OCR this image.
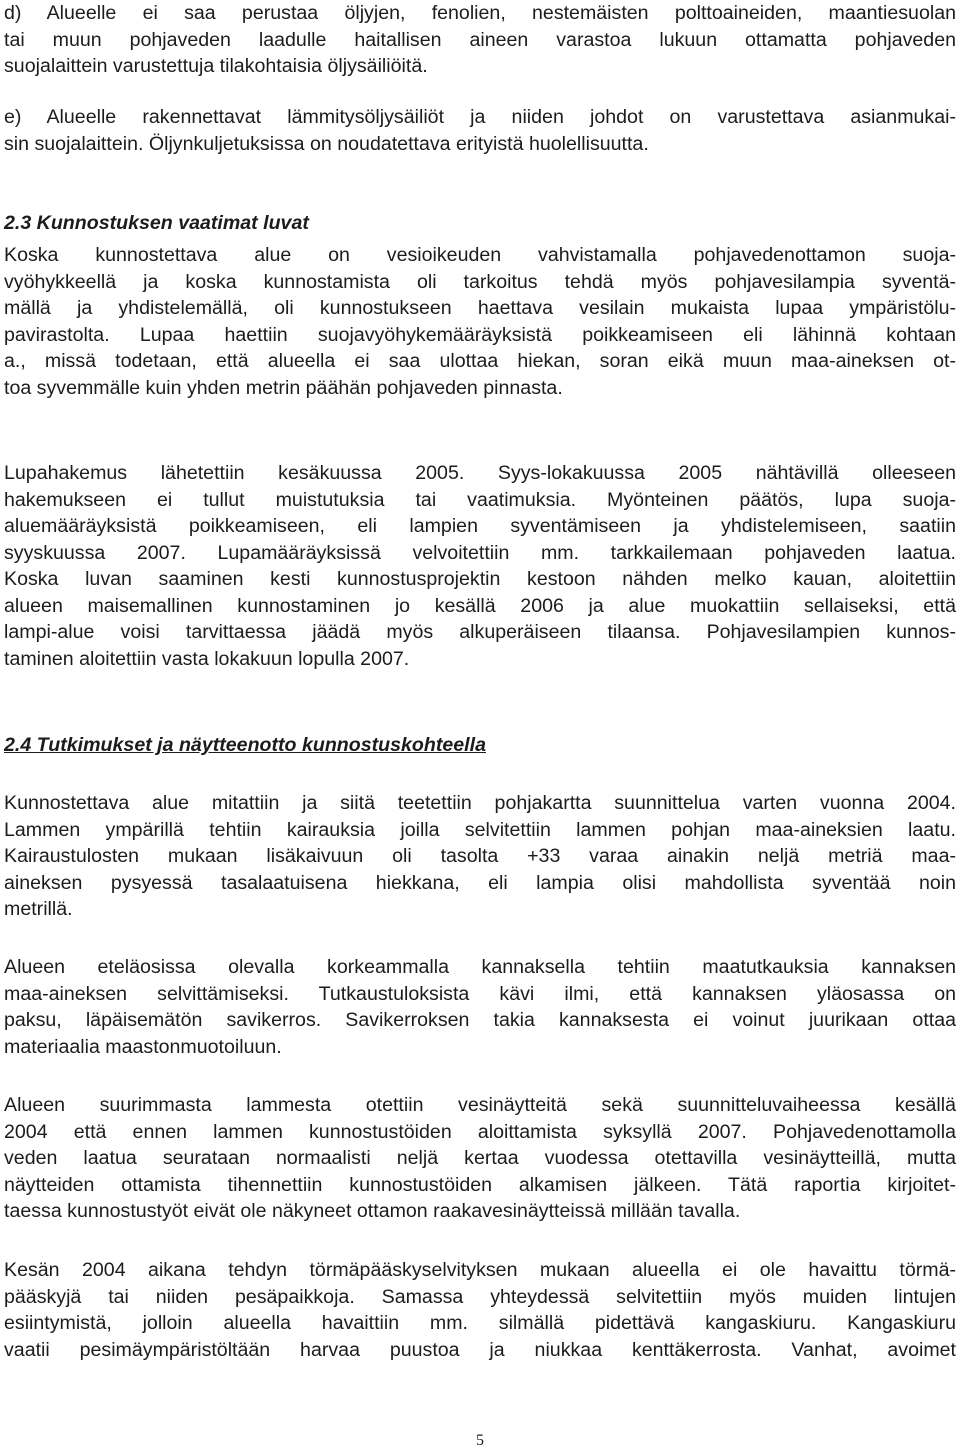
d) Alueelle ei saa perustaa öljyjen, fenolien, nestemäisten polttoaineiden, maantiesuolan
tai muun pohjaveden laadulle haitallisen aineen varastoa lukuun ottamatta pohjaveden
suojalaittein varustettuja tilakohtaisia öljysäiliöitä.
e) Alueelle rakennettavat lämmitysöljysäiliöt ja niiden johdot on varustettava asianmukai-
sin suojalaittein. Öljynkuljetuksissa on noudatettava erityistä huolellisuutta.
2.3 Kunnostuksen vaatimat luvat
Koska kunnostettava alue on vesioikeuden vahvistamalla pohjavedenottamon suoja-
vyöhykkeellä ja koska kunnostamista oli tarkoitus tehdä myös pohjavesilampia syventä-
mällä ja yhdistelemällä, oli kunnostukseen haettava vesilain mukaista lupaa ympäristölu-
pavirastolta. Lupaa haettiin suojavyöhykemääräyksistä poikkeamiseen eli lähinnä kohtaan
a., missä todetaan, että alueella ei saa ulottaa hiekan, soran eikä muun maa-aineksen ot-
toa syvemmälle kuin yhden metrin päähän pohjaveden pinnasta.
Lupahakemus lähetettiin kesäkuussa 2005. Syys-lokakuussa 2005 nähtävillä olleeseen
hakemukseen ei tullut muistutuksia tai vaatimuksia. Myönteinen päätös, lupa suoja-
aluemääräyksistä poikkeamiseen, eli lampien syventämiseen ja yhdistelemiseen, saatiin
syyskuussa 2007. Lupamääräyksissä velvoitettiin mm. tarkkailemaan pohjaveden laatua.
Koska luvan saaminen kesti kunnostusprojektin kestoon nähden melko kauan, aloitettiin
alueen maisemallinen kunnostaminen jo kesällä 2006 ja alue muokattiin sellaiseksi, että
lampi-alue voisi tarvittaessa jäädä myös alkuperäiseen tilaansa. Pohjavesilampien kunnos-
taminen aloitettiin vasta lokakuun lopulla 2007.
2.4 Tutkimukset ja näytteenotto kunnostuskohteella
Kunnostettava alue mitattiin ja siitä teetettiin pohjakartta suunnittelua varten vuonna 2004.
Lammen ympärillä tehtiin kairauksia joilla selvitettiin lammen pohjan maa-aineksien laatu.
Kairaustulosten mukaan lisäkaivuun oli tasolta +33 varaa ainakin neljä metriä maa-
aineksen pysyessä tasalaatuisena hiekkana, eli lampia olisi mahdollista syventää noin
metrillä.
Alueen eteläosissa olevalla korkeammalla kannaksella tehtiin maatutkauksia kannaksen
maa-aineksen selvittämiseksi. Tutkaustuloksista kävi ilmi, että kannaksen yläosassa on
paksu, läpäisemätön savikerros. Savikerroksen takia kannaksesta ei voinut juurikaan ottaa
materiaalia maastonmuotoiluun.
Alueen suurimmasta lammesta otettiin vesinäytteitä sekä suunnitteluvaiheessa kesällä
2004 että ennen lammen kunnostustöiden aloittamista syksyllä 2007. Pohjavedenottamolla
veden laatua seurataan normaalisti neljä kertaa vuodessa otettavilla vesinäytteillä, mutta
näytteiden ottamista tihennettiin kunnostustöiden alkamisen jälkeen. Tätä raportia kirjoitet-
taessa kunnostustyöt eivät ole näkyneet ottamon raakavesinäytteissä millään tavalla.
Kesän 2004 aikana tehdyn törmäpääskyselvityksen mukaan alueella ei ole havaittu törmä-
pääskyjä tai niiden pesäpaikkoja. Samassa yhteydessä selvitettiin myös muiden lintujen
esiintymistä, jolloin alueella havaittiin mm. silmällä pidettävä kangaskiuru. Kangaskiuru
vaatii pesimäympäristöltään harvaa puustoa ja niukkaa kenttäkerrosta. Vanhat, avoimet
5
